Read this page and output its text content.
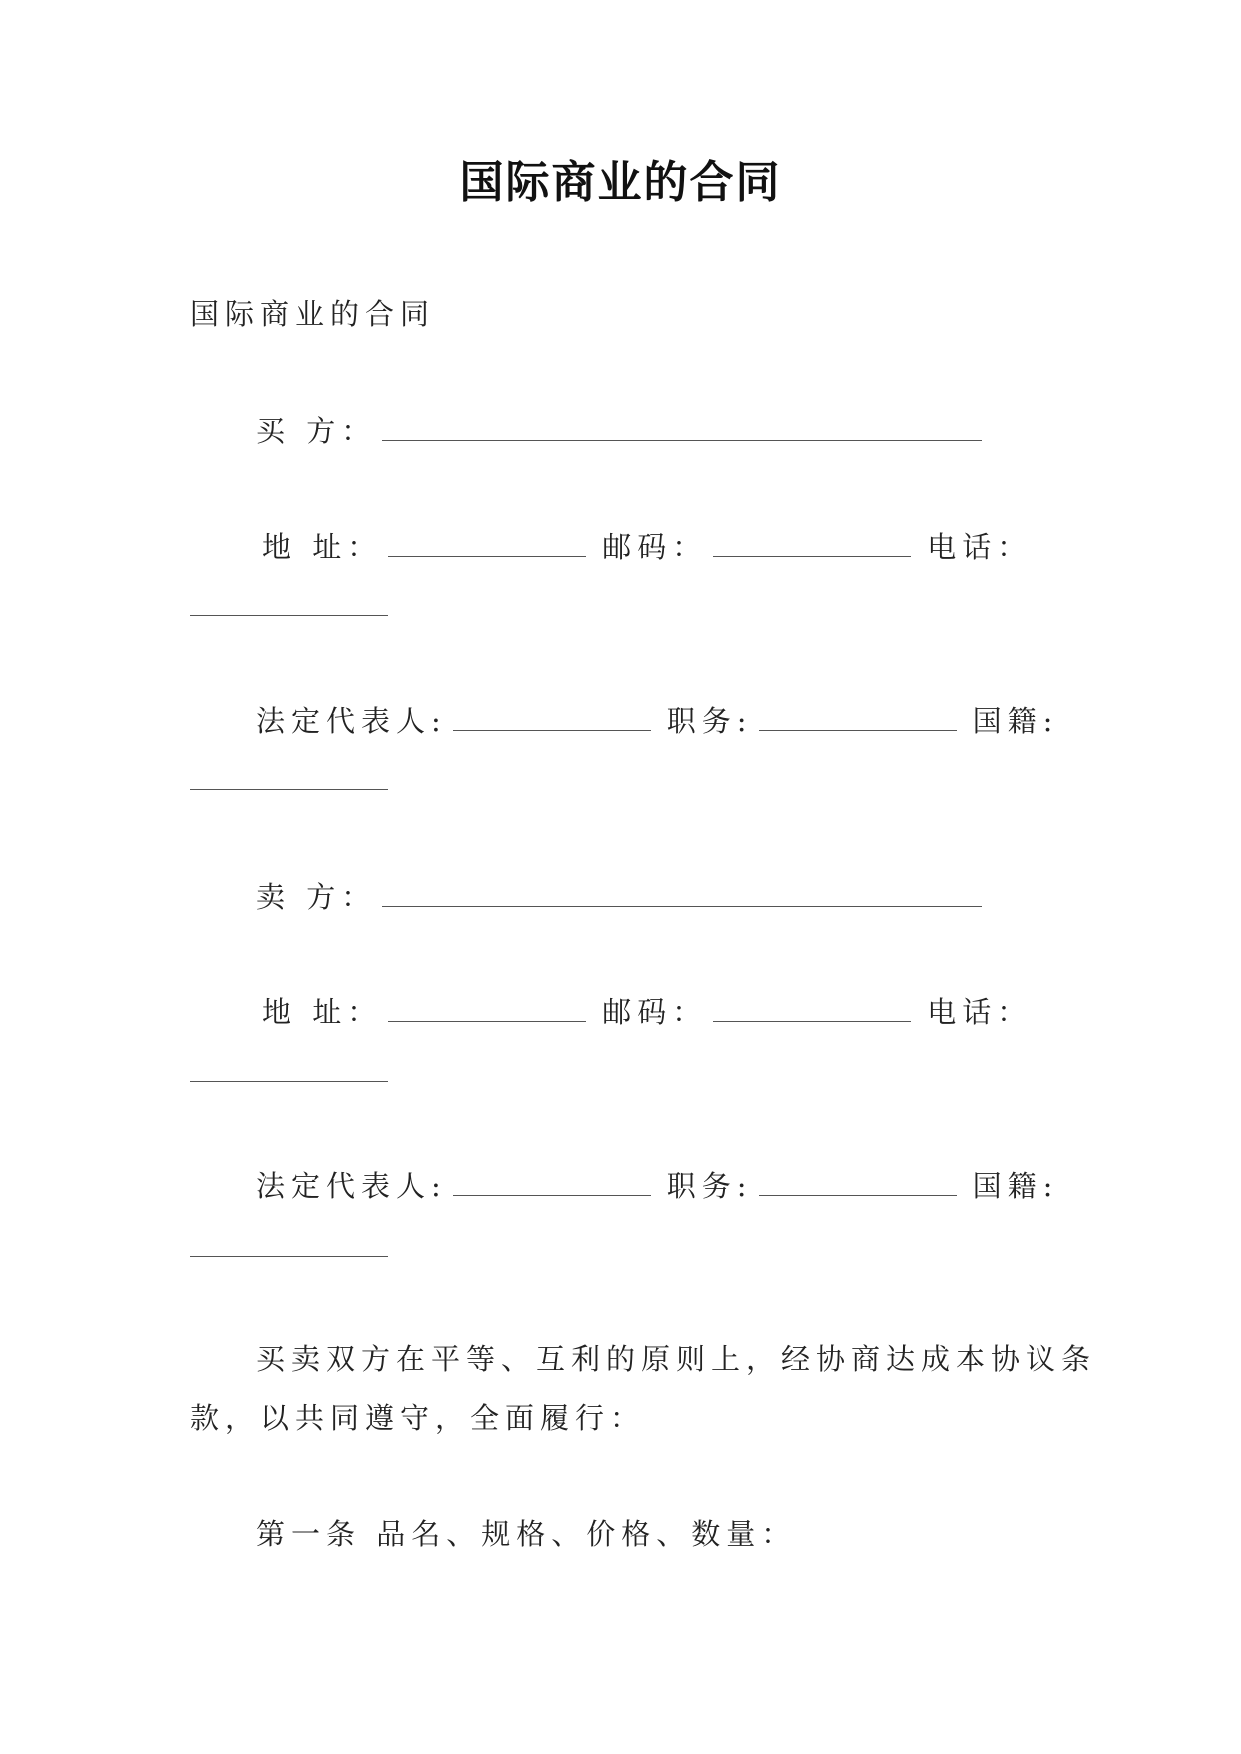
国际商业的合同
国际商业的合同
买 方：
地 址：	邮码：	电话：
法定代表人:	职务:	国籍:
卖 方：
地 址：	邮码：	电话：
法定代表人:	职务:	国籍:
买卖双方在平等、互利的原则上，经协商达成本协议条
款，以共同遵守，全面履行：
第一条 品名、规格、价格、数量：
